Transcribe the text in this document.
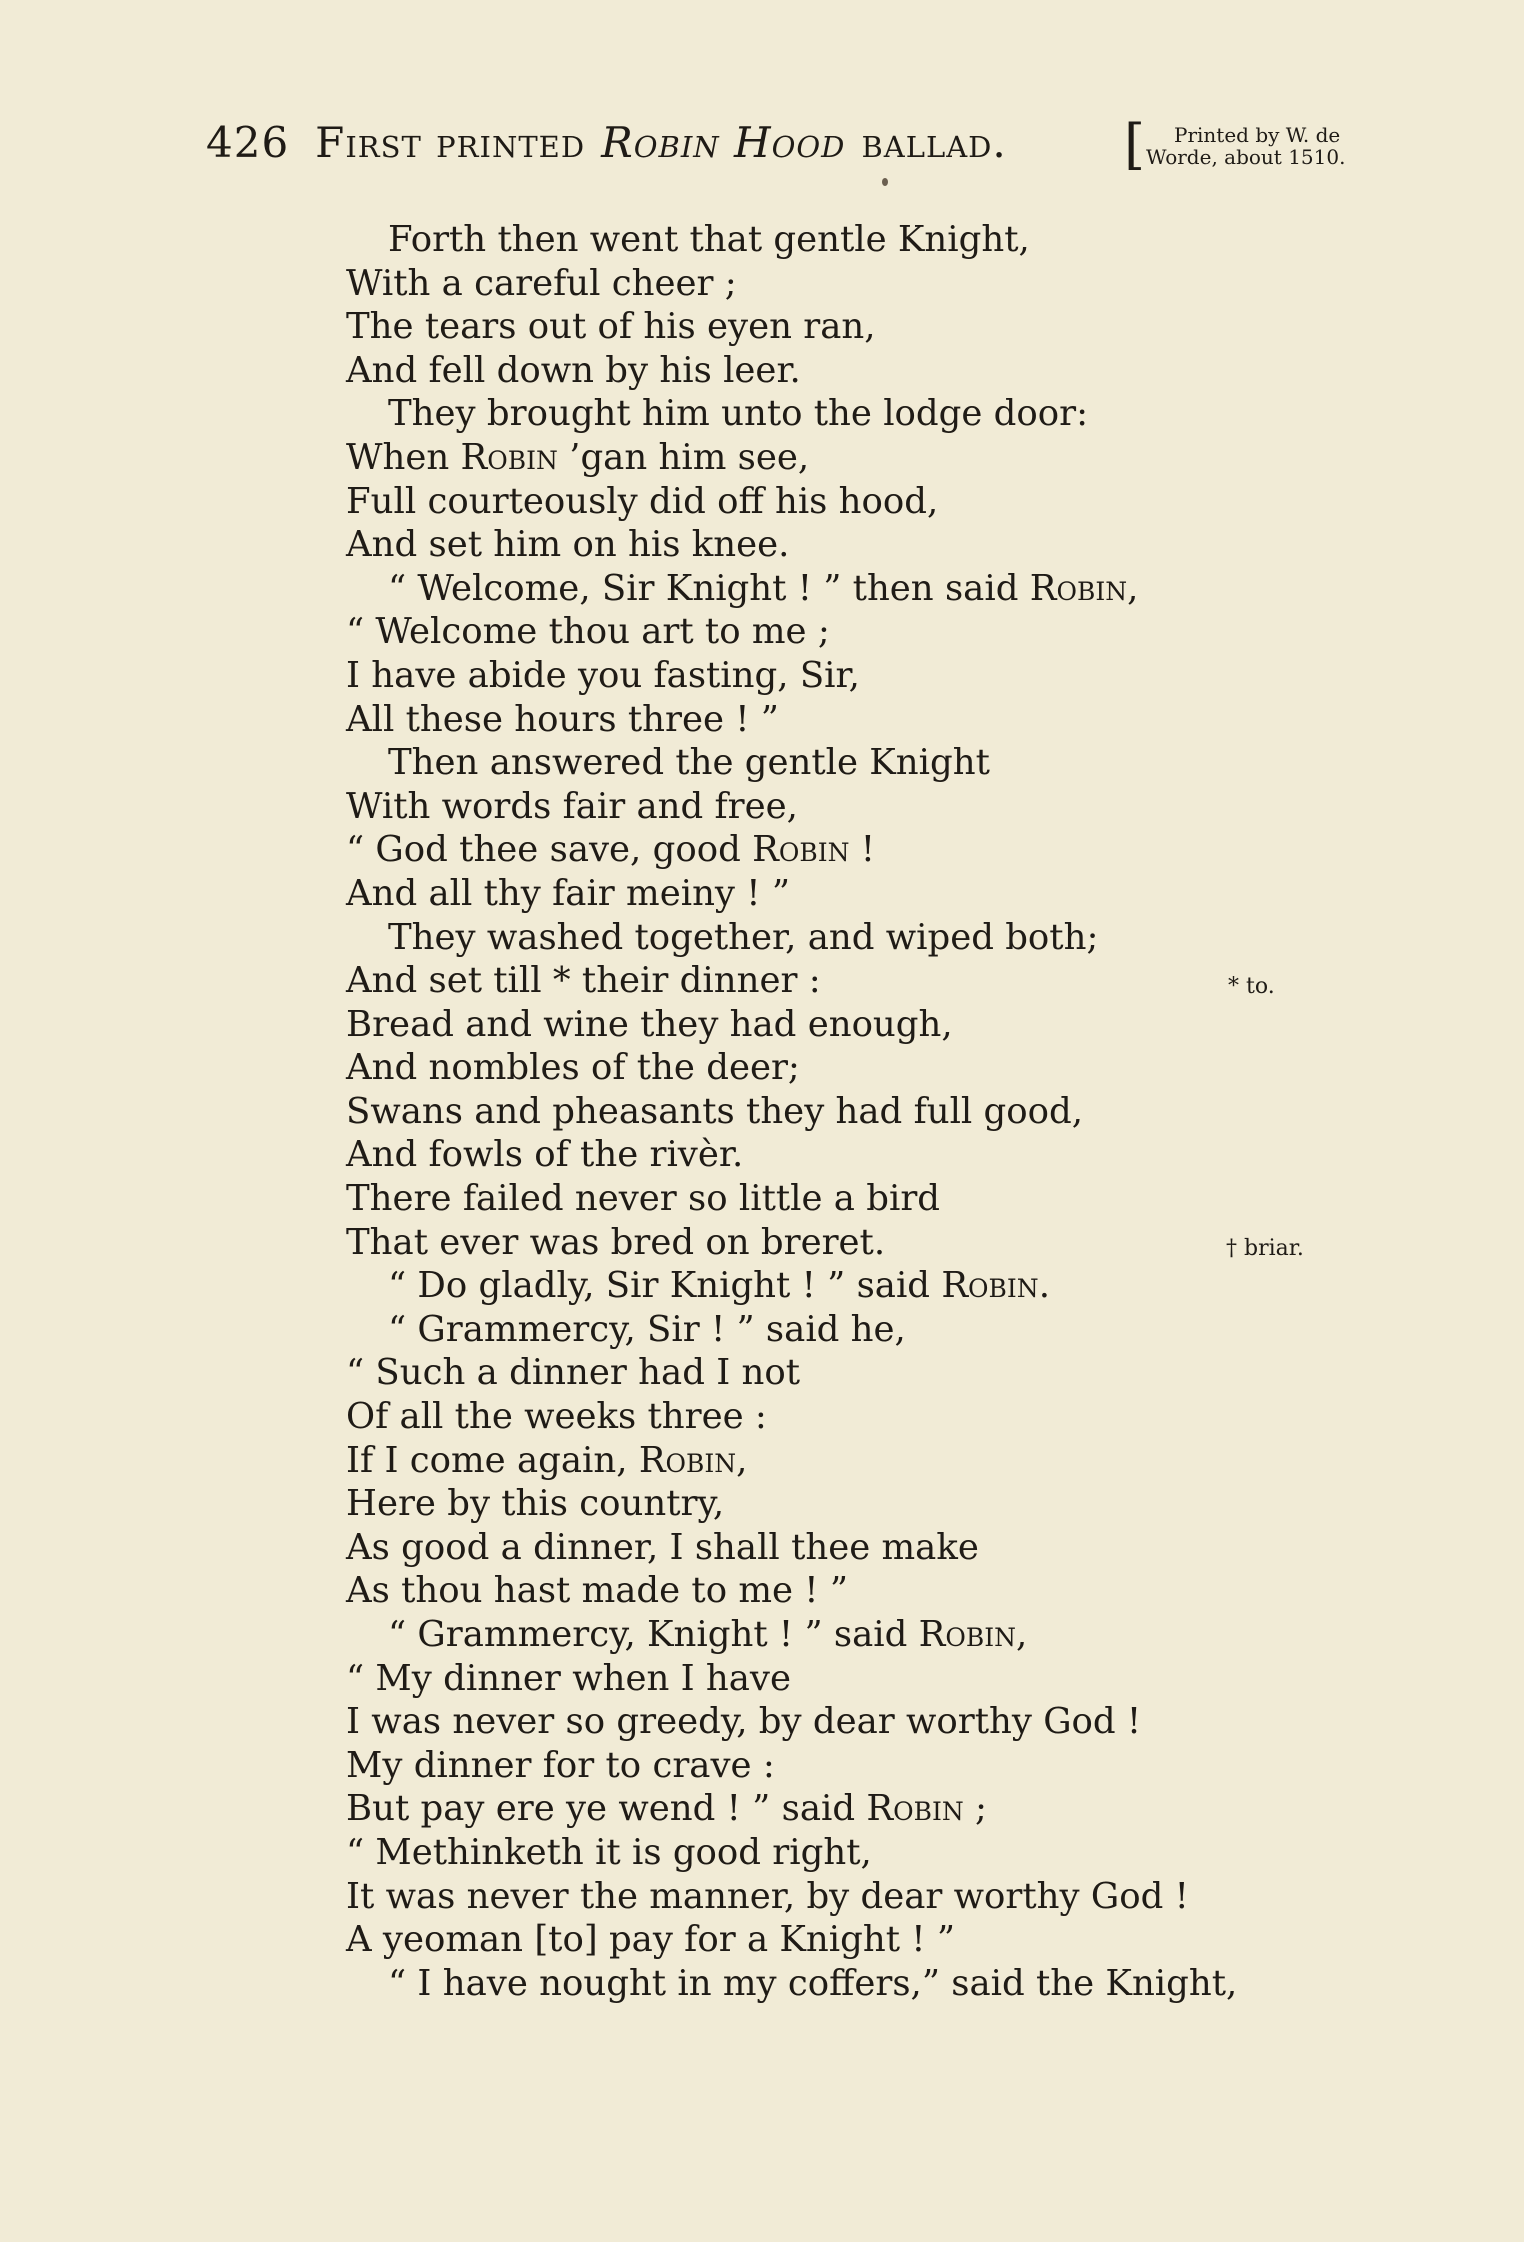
426 First printed Robin Hood ballad. [	Printed by W. de
Worde, about 1510.
Forth then went that gentle Knight,
With a careful cheer ;
The tears out of his eyen ran,
And fell down by his leer.
They brought him unto the lodge door:
When Robin ’gan him see,
Full courteously did off his hood,
And set him on his knee.
“ Welcome, Sir Knight ! ” then said Robin,
“ Welcome thou art to me ;
I have abide you fasting, Sir,
All these hours three ! ”
Then answered the gentle Knight
With words fair and free,
“ God thee save, good Robin !
And all thy fair meiny ! ”
They washed together, and wiped both;
And set till * their dinner :
Bread and wine they had enough,
And nombles of the deer;
Swans and pheasants they had full good,
And fowls of the rivèr.
There failed never so little a bird
That ever was bred on breret.
“ Do gladly, Sir Knight ! ” said Robin.
“ Grammercy, Sir ! ” said he,
“ Such a dinner had I not
Of all the weeks three :
If I come again, Robin,
Here by this country,
As good a dinner, I shall thee make
As thou hast made to me ! ”
“ Grammercy, Knight ! ” said Robin,
“ My dinner when I have
I was never so greedy, by dear worthy God !
My dinner for to crave :
But pay ere ye wend ! ” said Robin ;
“ Methinketh it is good right,
It was never the manner, by dear worthy God !
A yeoman [to] pay for a Knight ! ”
“ I have nought in my coffers,” said the Knight,
* to.
† briar.
